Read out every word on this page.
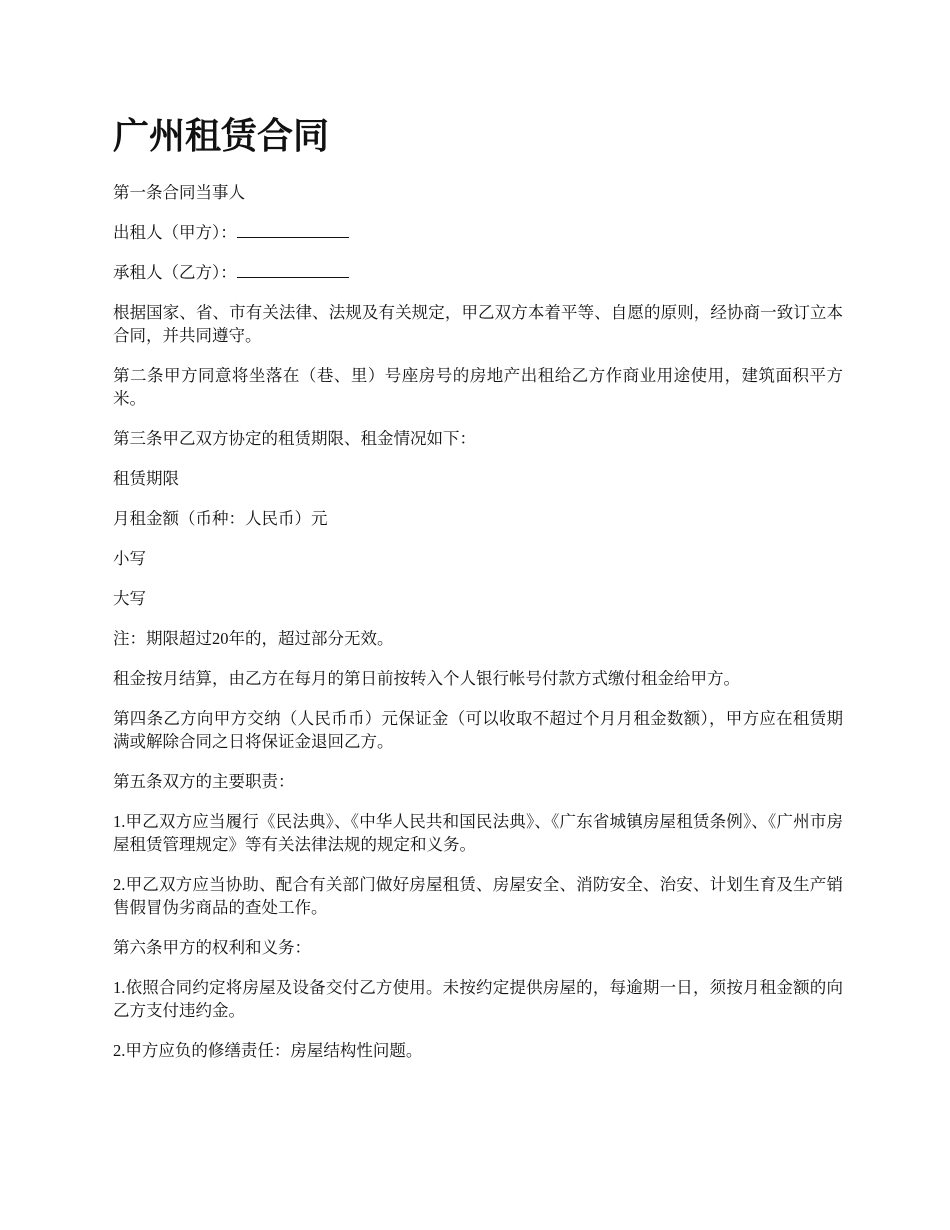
广州租赁合同

第一条合同当事人

出租人（甲方）：

承租人（乙方）：

根据国家、省、市有关法律、法规及有关规定，甲乙双方本着平等、自愿的原则，经协商一致订立本合同，并共同遵守。

第二条甲方同意将坐落在（巷、里）号座房号的房地产出租给乙方作商业用途使用，建筑面积平方米。

第三条甲乙双方协定的租赁期限、租金情况如下：

租赁期限

月租金额（币种：人民币）元

小写

大写

注：期限超过20年的，超过部分无效。

租金按月结算，由乙方在每月的第日前按转入个人银行帐号付款方式缴付租金给甲方。

第四条乙方向甲方交纳（人民币币）元保证金（可以收取不超过个月月租金数额），甲方应在租赁期满或解除合同之日将保证金退回乙方。

第五条双方的主要职责：

1.甲乙双方应当履行《民法典》、《中华人民共和国民法典》、《广东省城镇房屋租赁条例》、《广州市房屋租赁管理规定》等有关法律法规的规定和义务。

2.甲乙双方应当协助、配合有关部门做好房屋租赁、房屋安全、消防安全、治安、计划生育及生产销售假冒伪劣商品的查处工作。

第六条甲方的权利和义务：

1.依照合同约定将房屋及设备交付乙方使用。未按约定提供房屋的，每逾期一日，须按月租金额的向乙方支付违约金。

2.甲方应负的修缮责任：房屋结构性问题。
